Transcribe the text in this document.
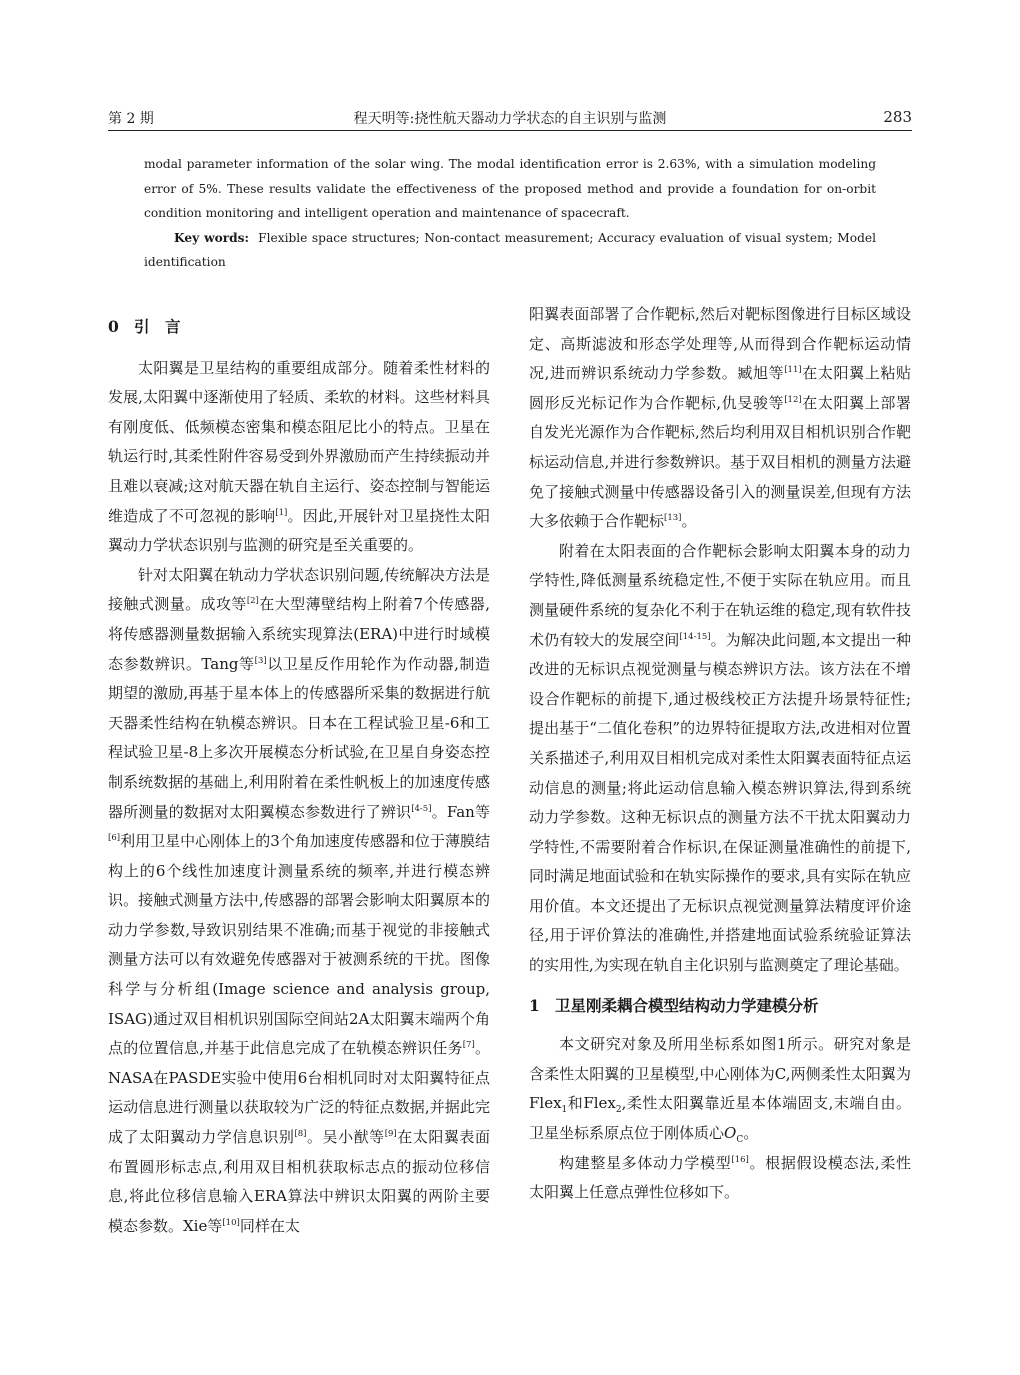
第 2 期	程天明等:挠性航天器动力学状态的自主识别与监测	283

modal parameter information of the solar wing. The modal identification error is 2.63%, with a simulation modeling error of 5%. These results validate the effectiveness of the proposed method and provide a foundation for on-orbit condition monitoring and intelligent operation and maintenance of spacecraft.

Key words: Flexible space structures; Non-contact measurement; Accuracy evaluation of visual system; Model identification

0 引　言

太阳翼是卫星结构的重要组成部分。随着柔性材料的发展,太阳翼中逐渐使用了轻质、柔软的材料。这些材料具有刚度低、低频模态密集和模态阻尼比小的特点。卫星在轨运行时,其柔性附件容易受到外界激励而产生持续振动并且难以衰减;这对航天器在轨自主运行、姿态控制与智能运维造成了不可忽视的影响[1]。因此,开展针对卫星挠性太阳翼动力学状态识别与监测的研究是至关重要的。

针对太阳翼在轨动力学状态识别问题,传统解决方法是接触式测量。成攻等[2]在大型薄壁结构上附着7个传感器,将传感器测量数据输入系统实现算法(ERA)中进行时域模态参数辨识。Tang等[3]以卫星反作用轮作为作动器,制造期望的激励,再基于星本体上的传感器所采集的数据进行航天器柔性结构在轨模态辨识。日本在工程试验卫星-6和工程试验卫星-8上多次开展模态分析试验,在卫星自身姿态控制系统数据的基础上,利用附着在柔性帆板上的加速度传感器所测量的数据对太阳翼模态参数进行了辨识[4-5]。Fan等[6]利用卫星中心刚体上的3个角加速度传感器和位于薄膜结构上的6个线性加速度计测量系统的频率,并进行模态辨识。接触式测量方法中,传感器的部署会影响太阳翼原本的动力学参数,导致识别结果不准确;而基于视觉的非接触式测量方法可以有效避免传感器对于被测系统的干扰。图像科学与分析组(Image science and analysis group, ISAG)通过双目相机识别国际空间站2A太阳翼末端两个角点的位置信息,并基于此信息完成了在轨模态辨识任务[7]。NASA在PASDE实验中使用6台相机同时对太阳翼特征点运动信息进行测量以获取较为广泛的特征点数据,并据此完成了太阳翼动力学信息识别[8]。吴小猷等[9]在太阳翼表面布置圆形标志点,利用双目相机获取标志点的振动位移信息,将此位移信息输入ERA算法中辨识太阳翼的两阶主要模态参数。Xie等[10]同样在太

阳翼表面部署了合作靶标,然后对靶标图像进行目标区域设定、高斯滤波和形态学处理等,从而得到合作靶标运动情况,进而辨识系统动力学参数。臧旭等[11]在太阳翼上粘贴圆形反光标记作为合作靶标,仇旻骏等[12]在太阳翼上部署自发光光源作为合作靶标,然后均利用双目相机识别合作靶标运动信息,并进行参数辨识。基于双目相机的测量方法避免了接触式测量中传感器设备引入的测量误差,但现有方法大多依赖于合作靶标[13]。

附着在太阳表面的合作靶标会影响太阳翼本身的动力学特性,降低测量系统稳定性,不便于实际在轨应用。而且测量硬件系统的复杂化不利于在轨运维的稳定,现有软件技术仍有较大的发展空间[14-15]。为解决此问题,本文提出一种改进的无标识点视觉测量与模态辨识方法。该方法在不增设合作靶标的前提下,通过极线校正方法提升场景特征性;提出基于“二值化卷积”的边界特征提取方法,改进相对位置关系描述子,利用双目相机完成对柔性太阳翼表面特征点运动信息的测量;将此运动信息输入模态辨识算法,得到系统动力学参数。这种无标识点的测量方法不干扰太阳翼动力学特性,不需要附着合作标识,在保证测量准确性的前提下,同时满足地面试验和在轨实际操作的要求,具有实际在轨应用价值。本文还提出了无标识点视觉测量算法精度评价途径,用于评价算法的准确性,并搭建地面试验系统验证算法的实用性,为实现在轨自主化识别与监测奠定了理论基础。

1 卫星刚柔耦合模型结构动力学建模分析

本文研究对象及所用坐标系如图1所示。研究对象是含柔性太阳翼的卫星模型,中心刚体为C,两侧柔性太阳翼为Flex$_1$和Flex$_2$,柔性太阳翼靠近星本体端固支,末端自由。卫星坐标系原点位于刚体质心$O_C$。

构建整星多体动力学模型[16]。根据假设模态法,柔性太阳翼上任意点弹性位移如下。
